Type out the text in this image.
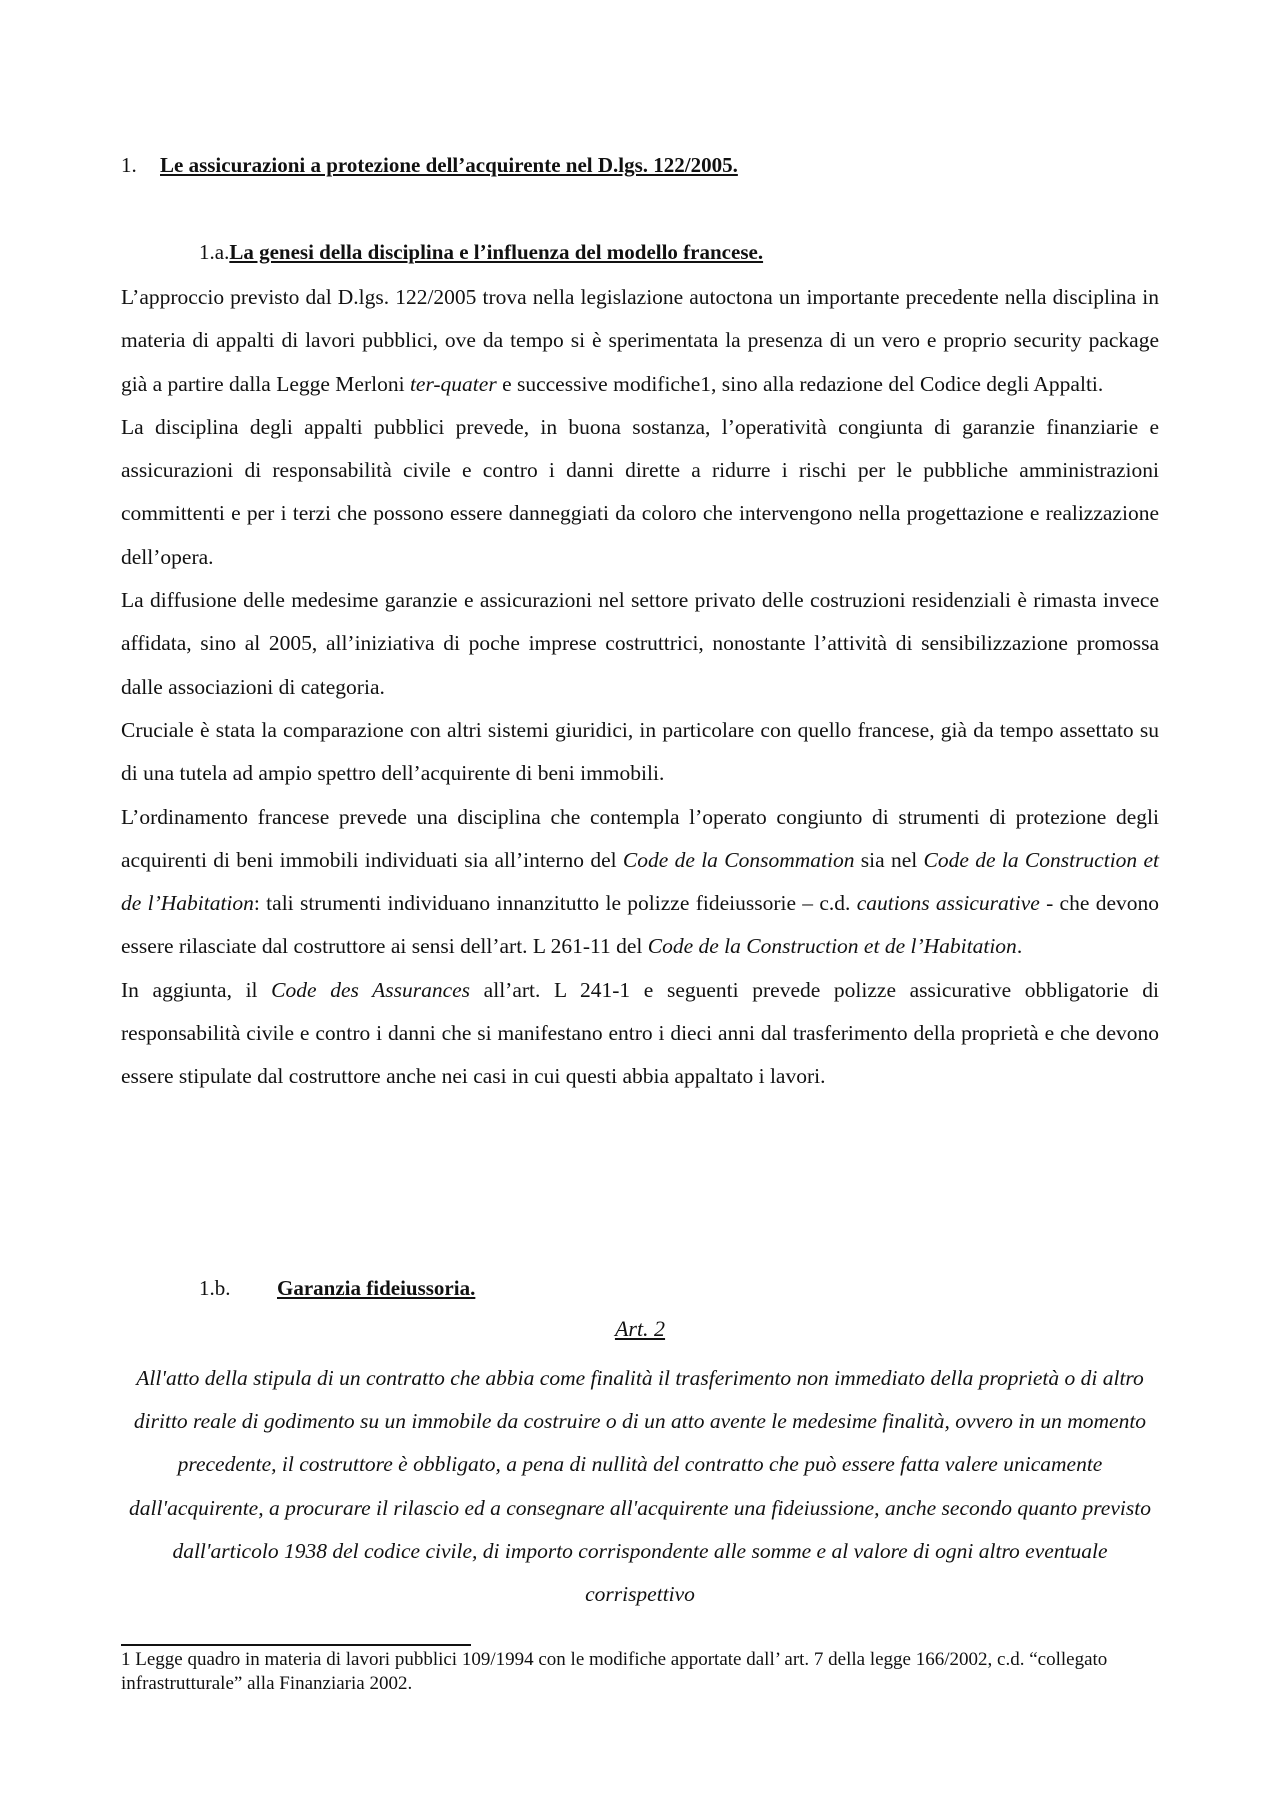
1. Le assicurazioni a protezione dell’acquirente nel D.lgs. 122/2005.
1.a.La genesi della disciplina e l’influenza del modello francese.

L’approccio previsto dal D.lgs. 122/2005 trova nella legislazione autoctona un importante precedente nella disciplina in materia di appalti di lavori pubblici, ove da tempo si è sperimentata la presenza di un vero e proprio security package già a partire dalla Legge Merloni ter-quater e successive modifiche1, sino alla redazione del Codice degli Appalti.

La disciplina degli appalti pubblici prevede, in buona sostanza, l’operatività congiunta di garanzie finanziarie e assicurazioni di responsabilità civile e contro i danni dirette a ridurre i rischi per le pubbliche amministrazioni committenti e per i terzi che possono essere danneggiati da coloro che intervengono nella progettazione e realizzazione dell’opera.

La diffusione delle medesime garanzie e assicurazioni nel settore privato delle costruzioni residenziali è rimasta invece affidata, sino al 2005, all’iniziativa di poche imprese costruttrici, nonostante l’attività di sensibilizzazione promossa dalle associazioni di categoria.

Cruciale è stata la comparazione con altri sistemi giuridici, in particolare con quello francese, già da tempo assettato su di una tutela ad ampio spettro dell’acquirente di beni immobili.

L’ordinamento francese prevede una disciplina che contempla l’operato congiunto di strumenti di protezione degli acquirenti di beni immobili individuati sia all’interno del Code de la Consommation sia nel Code de la Construction et de l’Habitation: tali strumenti individuano innanzitutto le polizze fideiussorie – c.d. cautions assicurative - che devono essere rilasciate dal costruttore ai sensi dell’art. L 261-11 del Code de la Construction et de l’Habitation.

In aggiunta, il Code des Assurances all’art. L 241-1 e seguenti prevede polizze assicurative obbligatorie di responsabilità civile e contro i danni che si manifestano entro i dieci anni dal trasferimento della proprietà e che devono essere stipulate dal costruttore anche nei casi in cui questi abbia appaltato i lavori.

1.b. Garanzia fideiussoria.
Art. 2
All'atto della stipula di un contratto che abbia come finalità il trasferimento non immediato della proprietà o di altro diritto reale di godimento su un immobile da costruire o di un atto avente le medesime finalità, ovvero in un momento precedente, il costruttore è obbligato, a pena di nullità del contratto che può essere fatta valere unicamente dall'acquirente, a procurare il rilascio ed a consegnare all'acquirente una fideiussione, anche secondo quanto previsto dall'articolo 1938 del codice civile, di importo corrispondente alle somme e al valore di ogni altro eventuale corrispettivo
1 Legge quadro in materia di lavori pubblici 109/1994 con le modifiche apportate dall’ art. 7 della legge 166/2002, c.d. “collegato infrastrutturale” alla Finanziaria 2002.
